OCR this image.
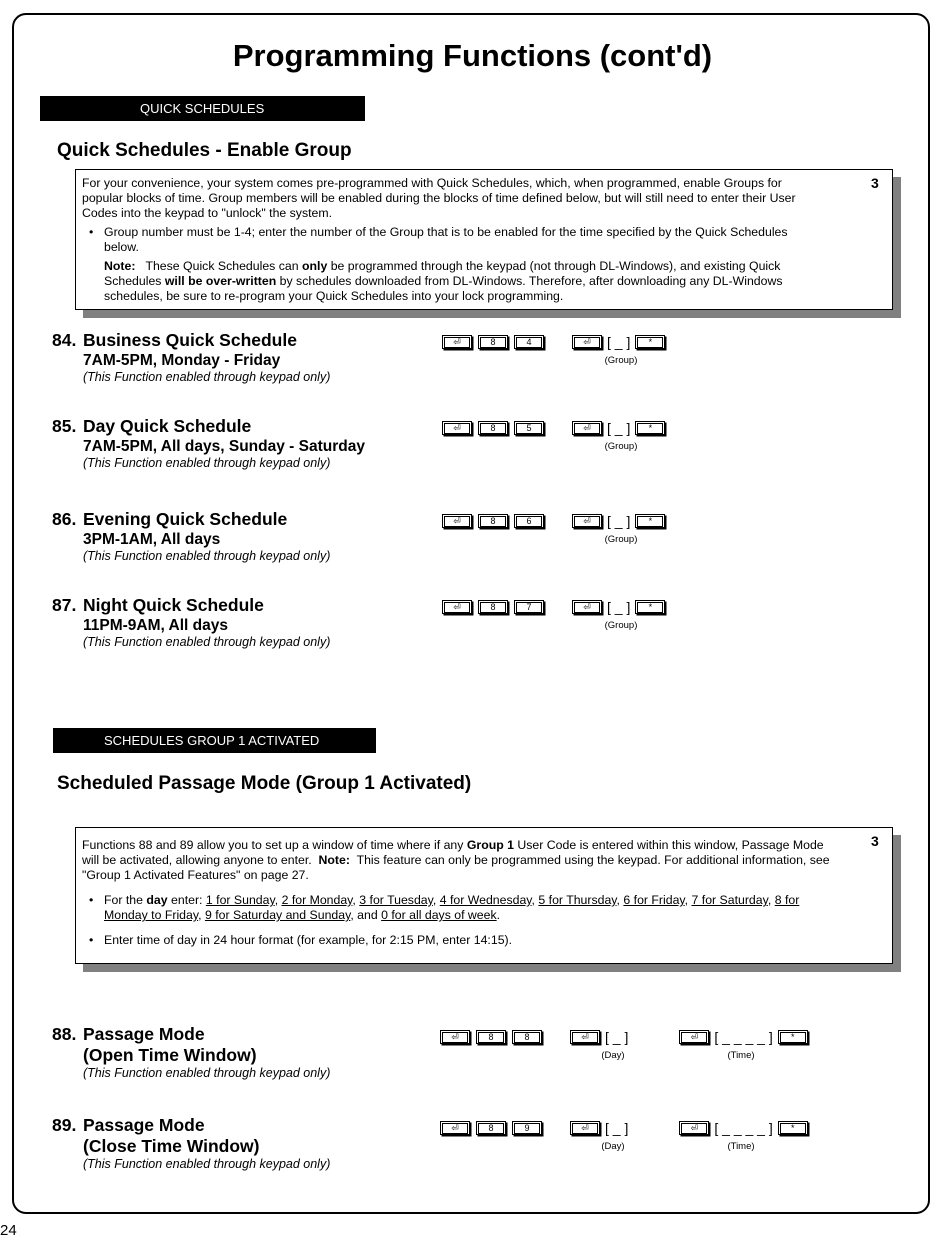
Programming Functions (cont'd)
QUICK SCHEDULES
Quick Schedules - Enable Group

For your convenience, your system comes pre-programmed with Quick Schedules, which, when programmed, enable Groups for popular blocks of time. Group members will be enabled during the blocks of time defined below, but will still need to enter their User Codes into the keypad to "unlock" the system.

• Group number must be 1-4; enter the number of the Group that is to be enabled for the time specified by the Quick Schedules below.

Note: These Quick Schedules can only be programmed through the keypad (not through DL-Windows), and existing Quick Schedules will be over-written by schedules downloaded from DL-Windows. Therefore, after downloading any DL-Windows schedules, be sure to re-program your Quick Schedules into your lock programming.

3
84. Business Quick Schedule
7AM-5PM, Monday - Friday
(This Function enabled through keypad only)
⏎	8	4	⏎	[ _ ]	*
(Group)
85. Day Quick Schedule
7AM-5PM, All days, Sunday - Saturday
(This Function enabled through keypad only)
⏎	8	5	⏎	[ _ ]	*
(Group)
86. Evening Quick Schedule
3PM-1AM, All days
(This Function enabled through keypad only)
⏎	8	6	⏎	[ _ ]	*
(Group)
87. Night Quick Schedule
11PM-9AM, All days
(This Function enabled through keypad only)
⏎	8	7	⏎	[ _ ]	*
(Group)
SCHEDULES GROUP 1 ACTIVATED
Scheduled Passage Mode (Group 1 Activated)

Functions 88 and 89 allow you to set up a window of time where if any Group 1 User Code is entered within this window, Passage Mode will be activated, allowing anyone to enter. Note: This feature can only be programmed using the keypad. For additional information, see "Group 1 Activated Features" on page 27.

• For the day enter: 1 for Sunday, 2 for Monday, 3 for Tuesday, 4 for Wednesday, 5 for Thursday, 6 for Friday, 7 for Saturday, 8 for Monday to Friday, 9 for Saturday and Sunday, and 0 for all days of week.

• Enter time of day in 24 hour format (for example, for 2:15 PM, enter 14:15).

3
88. Passage Mode
(Open Time Window)
(This Function enabled through keypad only)
⏎	8	8	⏎	[ _ ]	⏎	[ _ _ _ _ ]	*
(Day)	(Time)
89. Passage Mode
(Close Time Window)
(This Function enabled through keypad only)
⏎	8	9	⏎	[ _ ]	⏎	[ _ _ _ _ ]	*
(Day)	(Time)
24
